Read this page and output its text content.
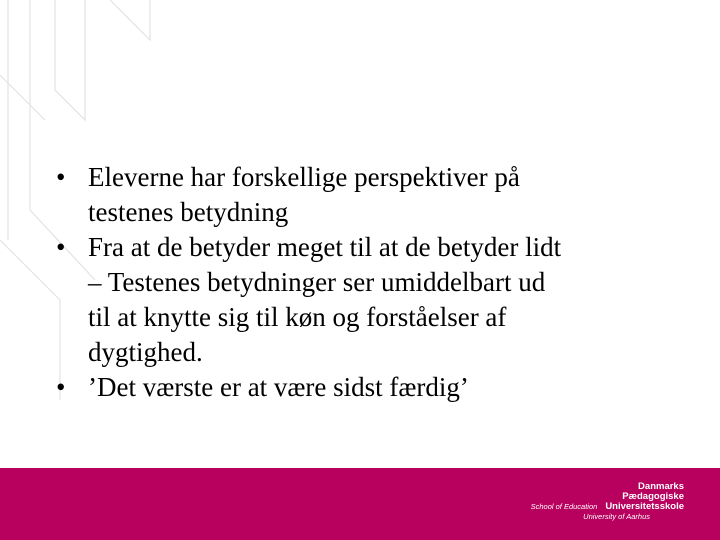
• Eleverne har forskellige perspektiver på
testenes betydning
• Fra at de betyder meget til at de betyder lidt
– Testenes betydninger ser umiddelbart ud
til at knytte sig til køn og forståelser af
dygtighed.
• ’Det værste er at være sidst færdig’
Danmarks
Pædagogiske
School of Education Universitetsskole
University of Aarhus
